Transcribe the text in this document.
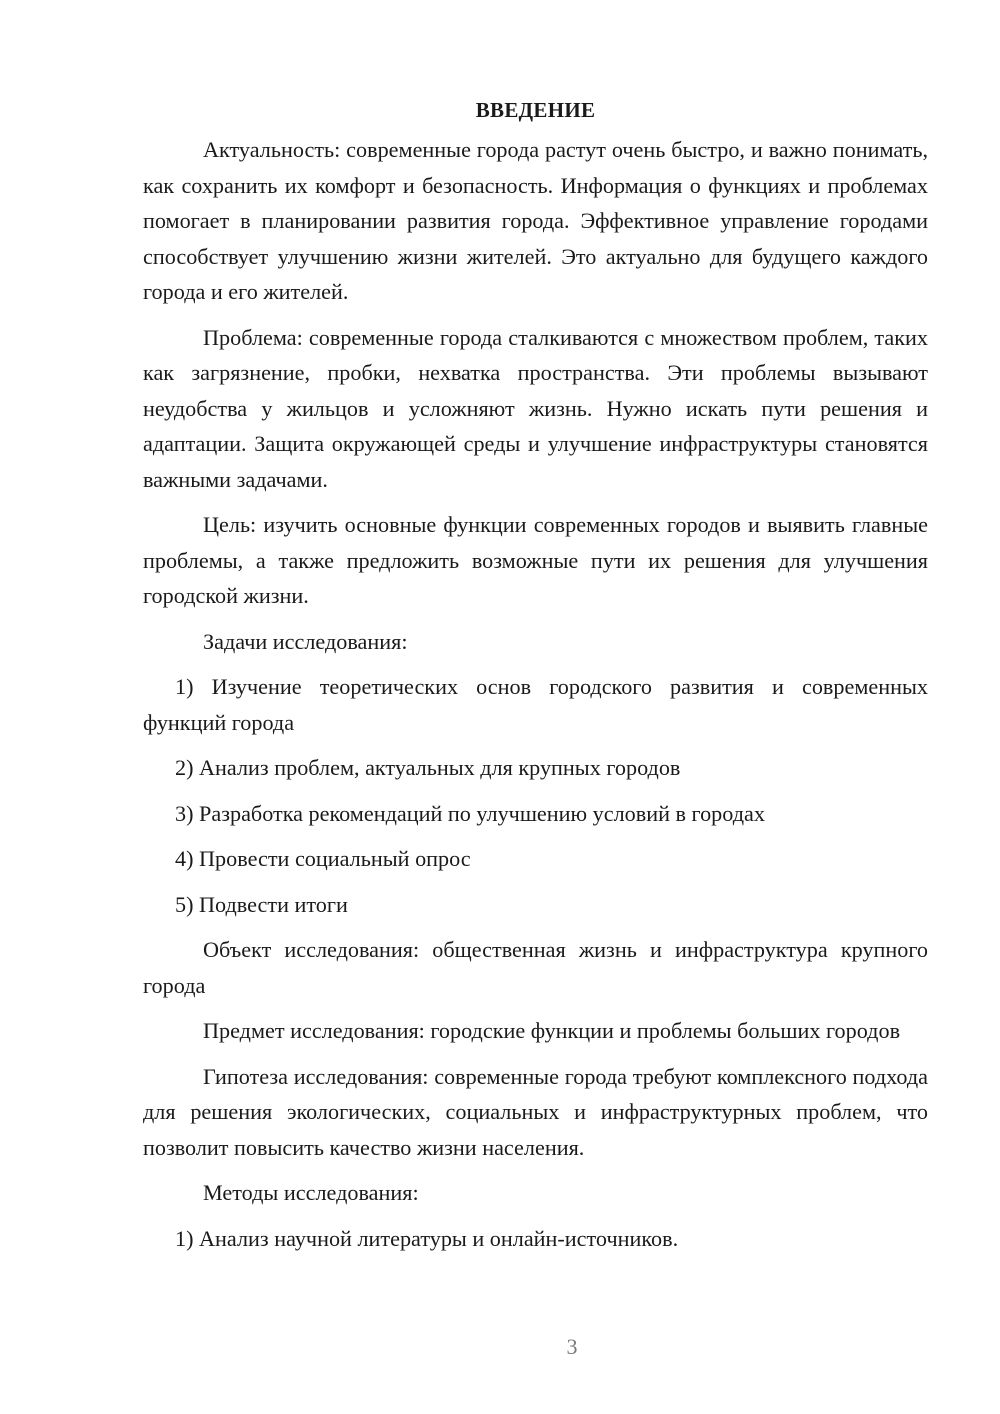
ВВЕДЕНИЕ

Актуальность: современные города растут очень быстро, и важно понимать, как сохранить их комфорт и безопасность. Информация о функциях и проблемах помогает в планировании развития города. Эффективное управление городами способствует улучшению жизни жителей. Это актуально для будущего каждого города и его жителей.

Проблема: современные города сталкиваются с множеством проблем, таких как загрязнение, пробки, нехватка пространства. Эти проблемы вызывают неудобства у жильцов и усложняют жизнь. Нужно искать пути решения и адаптации. Защита окружающей среды и улучшение инфраструктуры становятся важными задачами.

Цель: изучить основные функции современных городов и выявить главные проблемы, а также предложить возможные пути их решения для улучшения городской жизни.

Задачи исследования:

1) Изучение теоретических основ городского развития и современных функций города

2) Анализ проблем, актуальных для крупных городов

3) Разработка рекомендаций по улучшению условий в городах

4) Провести социальный опрос

5) Подвести итоги

Объект исследования: общественная жизнь и инфраструктура крупного города

Предмет исследования: городские функции и проблемы больших городов

Гипотеза исследования: современные города требуют комплексного подхода для решения экологических, социальных и инфраструктурных проблем, что позволит повысить качество жизни населения.

Методы исследования:

1) Анализ научной литературы и онлайн-источников.

3
